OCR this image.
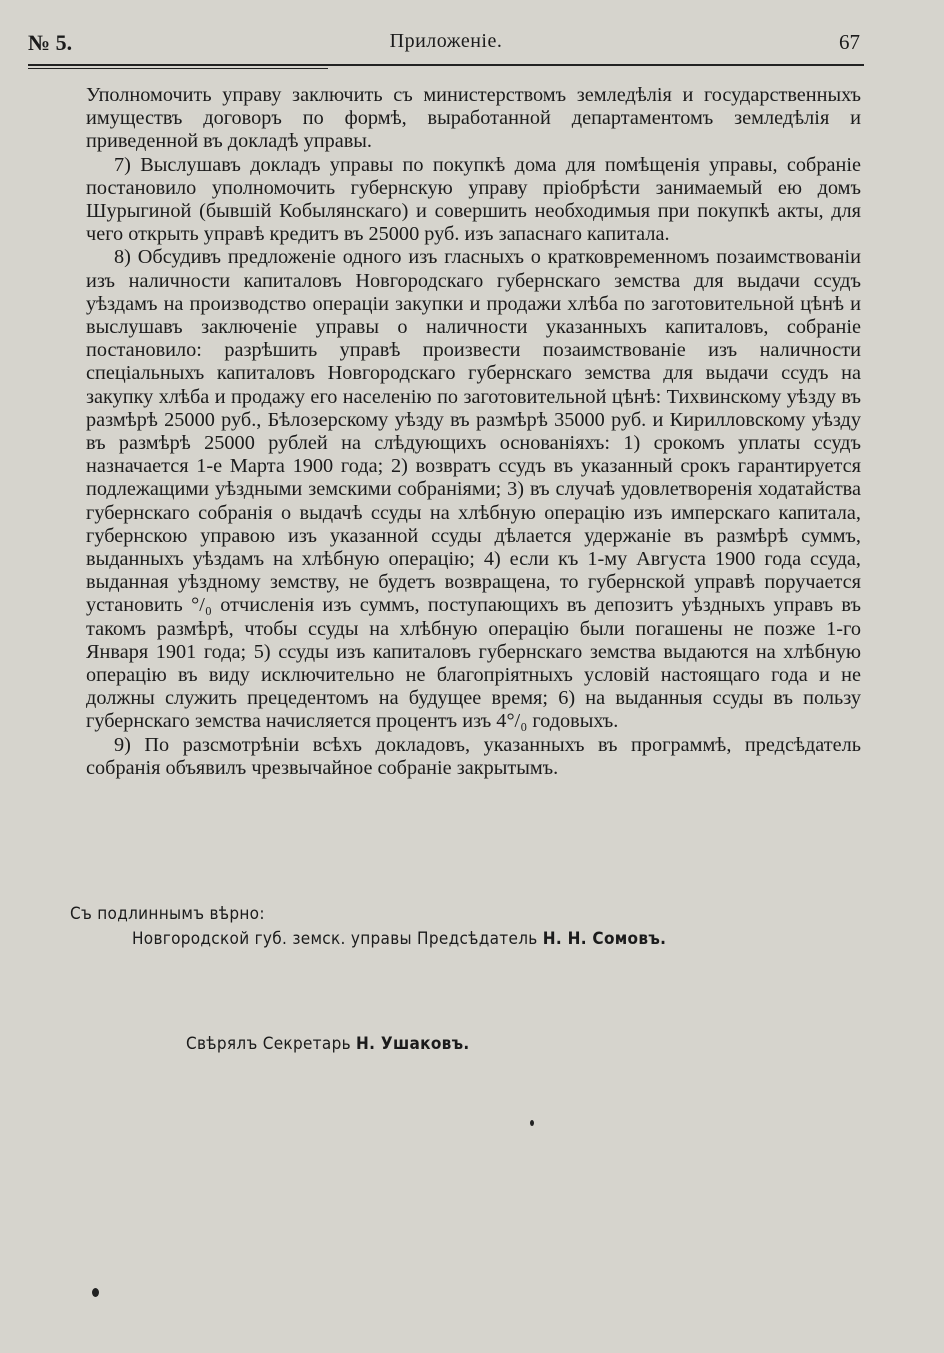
№ 5.	Приложеніе.	67

Уполномочить управу заключить съ министерствомъ земледѣлія и государственныхъ имуществъ договоръ по формѣ, выработанной департаментомъ земледѣлія и приведенной въ докладѣ управы.

7) Выслушавъ докладъ управы по покупкѣ дома для помѣщенія управы, собраніе постановило уполномочить губернскую управу пріобрѣсти занимаемый ею домъ Шурыгиной (бывшій Кобылянскаго) и совершить необходимыя при покупкѣ акты, для чего открыть управѣ кредитъ въ 25000 руб. изъ запаснаго капитала.

8) Обсудивъ предложеніе одного изъ гласныхъ о кратковременномъ позаимствованіи изъ наличности капиталовъ Новгородскаго губернскаго земства для выдачи ссудъ уѣздамъ на производство операціи закупки и продажи хлѣба по заготовительной цѣнѣ и выслушавъ заключеніе управы о наличности указанныхъ капиталовъ, собраніе постановило: разрѣшить управѣ произвести позаимствованіе изъ наличности спеціальныхъ капиталовъ Новгородскаго губернскаго земства для выдачи ссудъ на закупку хлѣба и продажу его населенію по заготовительной цѣнѣ: Тихвинскому уѣзду въ размѣрѣ 25000 руб., Бѣлозерскому уѣзду въ размѣрѣ 35000 руб. и Кирилловскому уѣзду въ размѣрѣ 25000 рублей на слѣдующихъ основаніяхъ: 1) срокомъ уплаты ссудъ назначается 1-е Марта 1900 года; 2) возвратъ ссудъ въ указанный срокъ гарантируется подлежащими уѣздными земскими собраніями; 3) въ случаѣ удовлетворенія ходатайства губернскаго собранія о выдачѣ ссуды на хлѣбную операцію изъ имперскаго капитала, губернскою управою изъ указанной ссуды дѣлается удержаніе въ размѣрѣ суммъ, выданныхъ уѣздамъ на хлѣбную операцію; 4) если къ 1-му Августа 1900 года ссуда, выданная уѣздному земству, не будетъ возвращена, то губернской управѣ поручается установить °/₀ отчисленія изъ суммъ, поступающихъ въ депозитъ уѣздныхъ управъ въ такомъ размѣрѣ, чтобы ссуды на хлѣбную операцію были погашены не позже 1-го Января 1901 года; 5) ссуды изъ капиталовъ губернскаго земства выдаются на хлѣбную операцію въ виду исключительно не благопріятныхъ условій настоящаго года и не должны служить прецедентомъ на будущее время; 6) на выданныя ссуды въ пользу губернскаго земства начисляется процентъ изъ 4°/₀ годовыхъ.

9) По разсмотрѣніи всѣхъ докладовъ, указанныхъ въ программѣ, предсѣдатель собранія объявилъ чрезвычайное собраніе закрытымъ.

Съ подлиннымъ вѣрно:
Новгородской губ. земск. управы Предсѣдатель Н. Н. Сомовъ.
Свѣрялъ Секретарь Н. Ушаковъ.
